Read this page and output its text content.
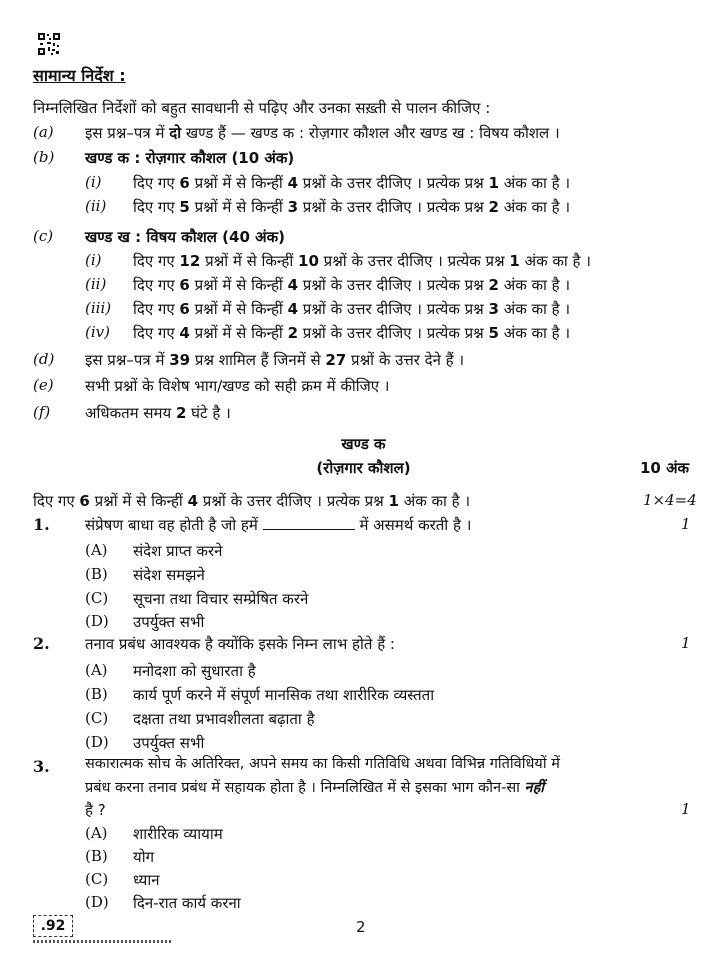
सामान्य निर्देश :
निम्नलिखित निर्देशों को बहुत सावधानी से पढ़िए और उनका सख़्ती से पालन कीजिए :
(a) इस प्रश्न–पत्र में दो खण्ड हैं — खण्ड क : रोज़गार कौशल और खण्ड ख : विषय कौशल ।
(b) खण्ड क : रोज़गार कौशल (10 अंक)
(i) दिए गए 6 प्रश्नों में से किन्हीं 4 प्रश्नों के उत्तर दीजिए । प्रत्येक प्रश्न 1 अंक का है ।
(ii) दिए गए 5 प्रश्नों में से किन्हीं 3 प्रश्नों के उत्तर दीजिए । प्रत्येक प्रश्न 2 अंक का है ।
(c) खण्ड ख : विषय कौशल (40 अंक)
(i) दिए गए 12 प्रश्नों में से किन्हीं 10 प्रश्नों के उत्तर दीजिए । प्रत्येक प्रश्न 1 अंक का है ।
(ii) दिए गए 6 प्रश्नों में से किन्हीं 4 प्रश्नों के उत्तर दीजिए । प्रत्येक प्रश्न 2 अंक का है ।
(iii) दिए गए 6 प्रश्नों में से किन्हीं 4 प्रश्नों के उत्तर दीजिए । प्रत्येक प्रश्न 3 अंक का है ।
(iv) दिए गए 4 प्रश्नों में से किन्हीं 2 प्रश्नों के उत्तर दीजिए । प्रत्येक प्रश्न 5 अंक का है ।
(d) इस प्रश्न–पत्र में 39 प्रश्न शामिल हैं जिनमें से 27 प्रश्नों के उत्तर देने हैं ।
(e) सभी प्रश्नों के विशेष भाग/खण्ड को सही क्रम में कीजिए ।
(f) अधिकतम समय 2 घंटे है ।
खण्ड क
(रोज़गार कौशल)	10 अंक
दिए गए 6 प्रश्नों में से किन्हीं 4 प्रश्नों के उत्तर दीजिए । प्रत्येक प्रश्न 1 अंक का है ।	1×4=4
1. संप्रेषण बाधा वह होती है जो हमें	में असमर्थ करती है ।	1
(A) संदेश प्राप्त करने
(B) संदेश समझने
(C) सूचना तथा विचार सम्प्रेषित करने
(D) उपर्युक्त सभी
2. तनाव प्रबंध आवश्यक है क्योंकि इसके निम्न लाभ होते हैं :	1
(A) मनोदशा को सुधारता है
(B) कार्य पूर्ण करने में संपूर्ण मानसिक तथा शारीरिक व्यस्तता
(C) दक्षता तथा प्रभावशीलता बढ़ाता है
(D) उपर्युक्त सभी
3. सकारात्मक सोच के अतिरिक्त, अपने समय का किसी गतिविधि अथवा विभिन्न गतिविधियों में
प्रबंध करना तनाव प्रबंध में सहायक होता है । निम्नलिखित में से इसका भाग कौन-सा नहीं
है ?	1
(A) शारीरिक व्यायाम
(B) योग
(C) ध्यान
(D) दिन-रात कार्य करना
.92	2
